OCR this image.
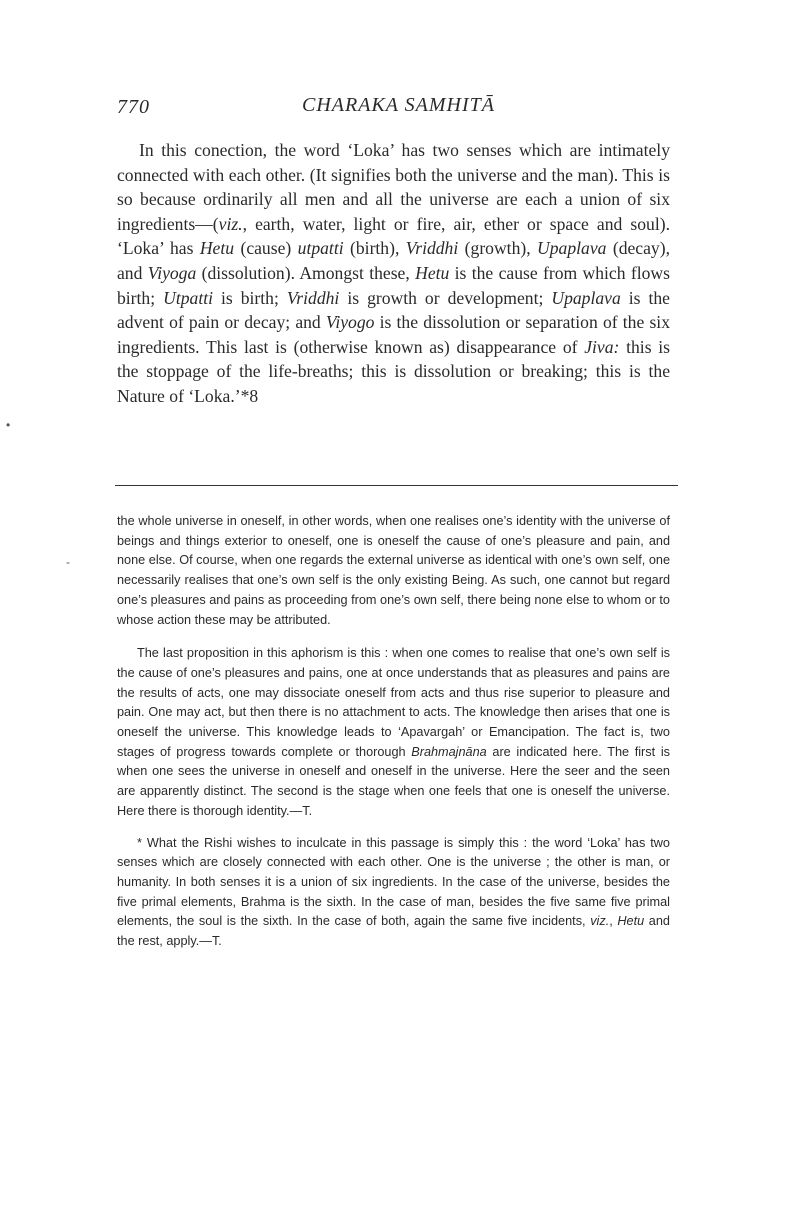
770	CHARAKA SAMHITĀ

In this conection, the word ‘Loka’ has two senses which are intimately connected with each other. (It signifies both the universe and the man). This is so because ordinarily all men and all the universe are each a union of six ingredients—(viz., earth, water, light or fire, air, ether or space and soul). ‘Loka’ has Hetu (cause) utpatti (birth), Vriddhi (growth), Upaplava (decay), and Viyoga (dissolution). Amongst these, Hetu is the cause from which flows birth; Utpatti is birth; Vriddhi is growth or development; Upaplava is the advent of pain or decay; and Viyogo is the dissolution or separation of the six ingredients. This last is (otherwise known as) disappearance of Jiva: this is the stoppage of the life-breaths; this is dissolution or breaking; this is the Nature of ‘Loka.’*8

•
-

the whole universe in oneself, in other words, when one realises one’s identity with the universe of beings and things exterior to oneself, one is oneself the cause of one’s pleasure and pain, and none else. Of course, when one regards the external universe as identical with one’s own self, one necessarily realises that one’s own self is the only existing Being. As such, one cannot but regard one’s pleasures and pains as proceeding from one’s own self, there being none else to whom or to whose action these may be attributed.

The last proposition in this aphorism is this : when one comes to realise that one’s own self is the cause of one’s pleasures and pains, one at once understands that as pleasures and pains are the results of acts, one may dissociate oneself from acts and thus rise superior to pleasure and pain. One may act, but then there is no attachment to acts. The knowledge then arises that one is oneself the universe. This knowledge leads to ‘Apavargah’ or Emancipation. The fact is, two stages of progress towards complete or thorough Brahmajnāna are indicated here. The first is when one sees the universe in oneself and oneself in the universe. Here the seer and the seen are apparently distinct. The second is the stage when one feels that one is oneself the universe. Here there is thorough identity.—T.

* What the Rishi wishes to inculcate in this passage is simply this : the word ‘Loka’ has two senses which are closely connected with each other. One is the universe ; the other is man, or humanity. In both senses it is a union of six ingredients. In the case of the universe, besides the five primal elements, Brahma is the sixth. In the case of man, besides the five same five primal elements, the soul is the sixth. In the case of both, again the same five incidents, viz., Hetu and the rest, apply.—T.
